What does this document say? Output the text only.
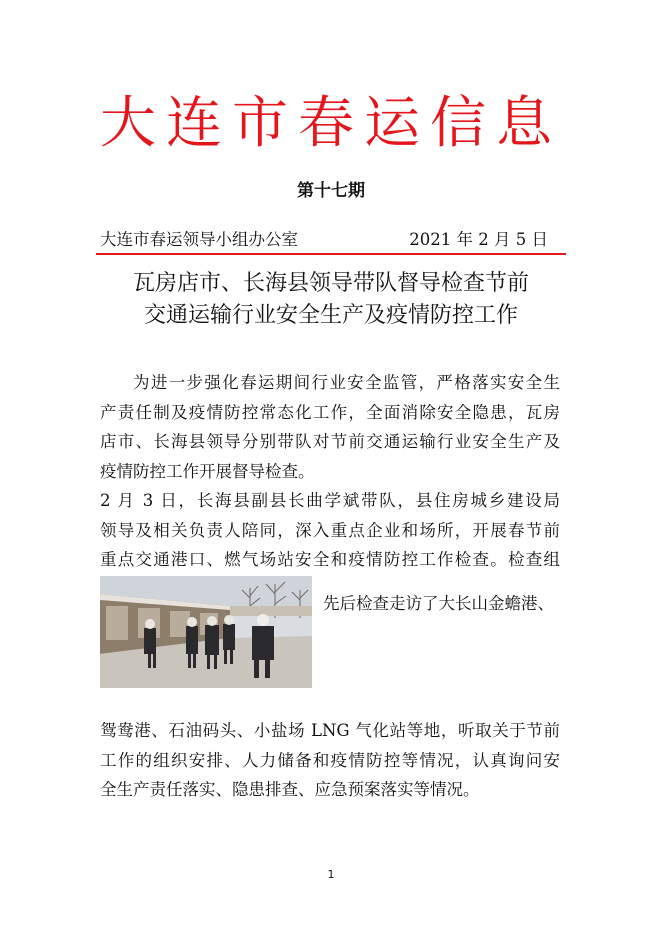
大连市春运信息
第十七期
大连市春运领导小组办公室	2021 年 2 月 5 日
瓦房店市、长海县领导带队督导检查节前
交通运输行业安全生产及疫情防控工作
为进一步强化春运期间行业安全监管，严格落实安全生
产责任制及疫情防控常态化工作，全面消除安全隐患，瓦房
店市、长海县领导分别带队对节前交通运输行业安全生产及
疫情防控工作开展督导检查。
2 月 3 日，长海县副县长曲学斌带队，县住房城乡建设局
领导及相关负责人陪同，深入重点企业和场所，开展春节前
重点交通港口、燃气场站安全和疫情防控工作检查。检查组
先后检查走访了大长山金蟾港、
鸳鸯港、石油码头、小盐场 LNG 气化站等地，听取关于节前
工作的组织安排、人力储备和疫情防控等情况，认真询问安
全生产责任落实、隐患排查、应急预案落实等情况。
1
